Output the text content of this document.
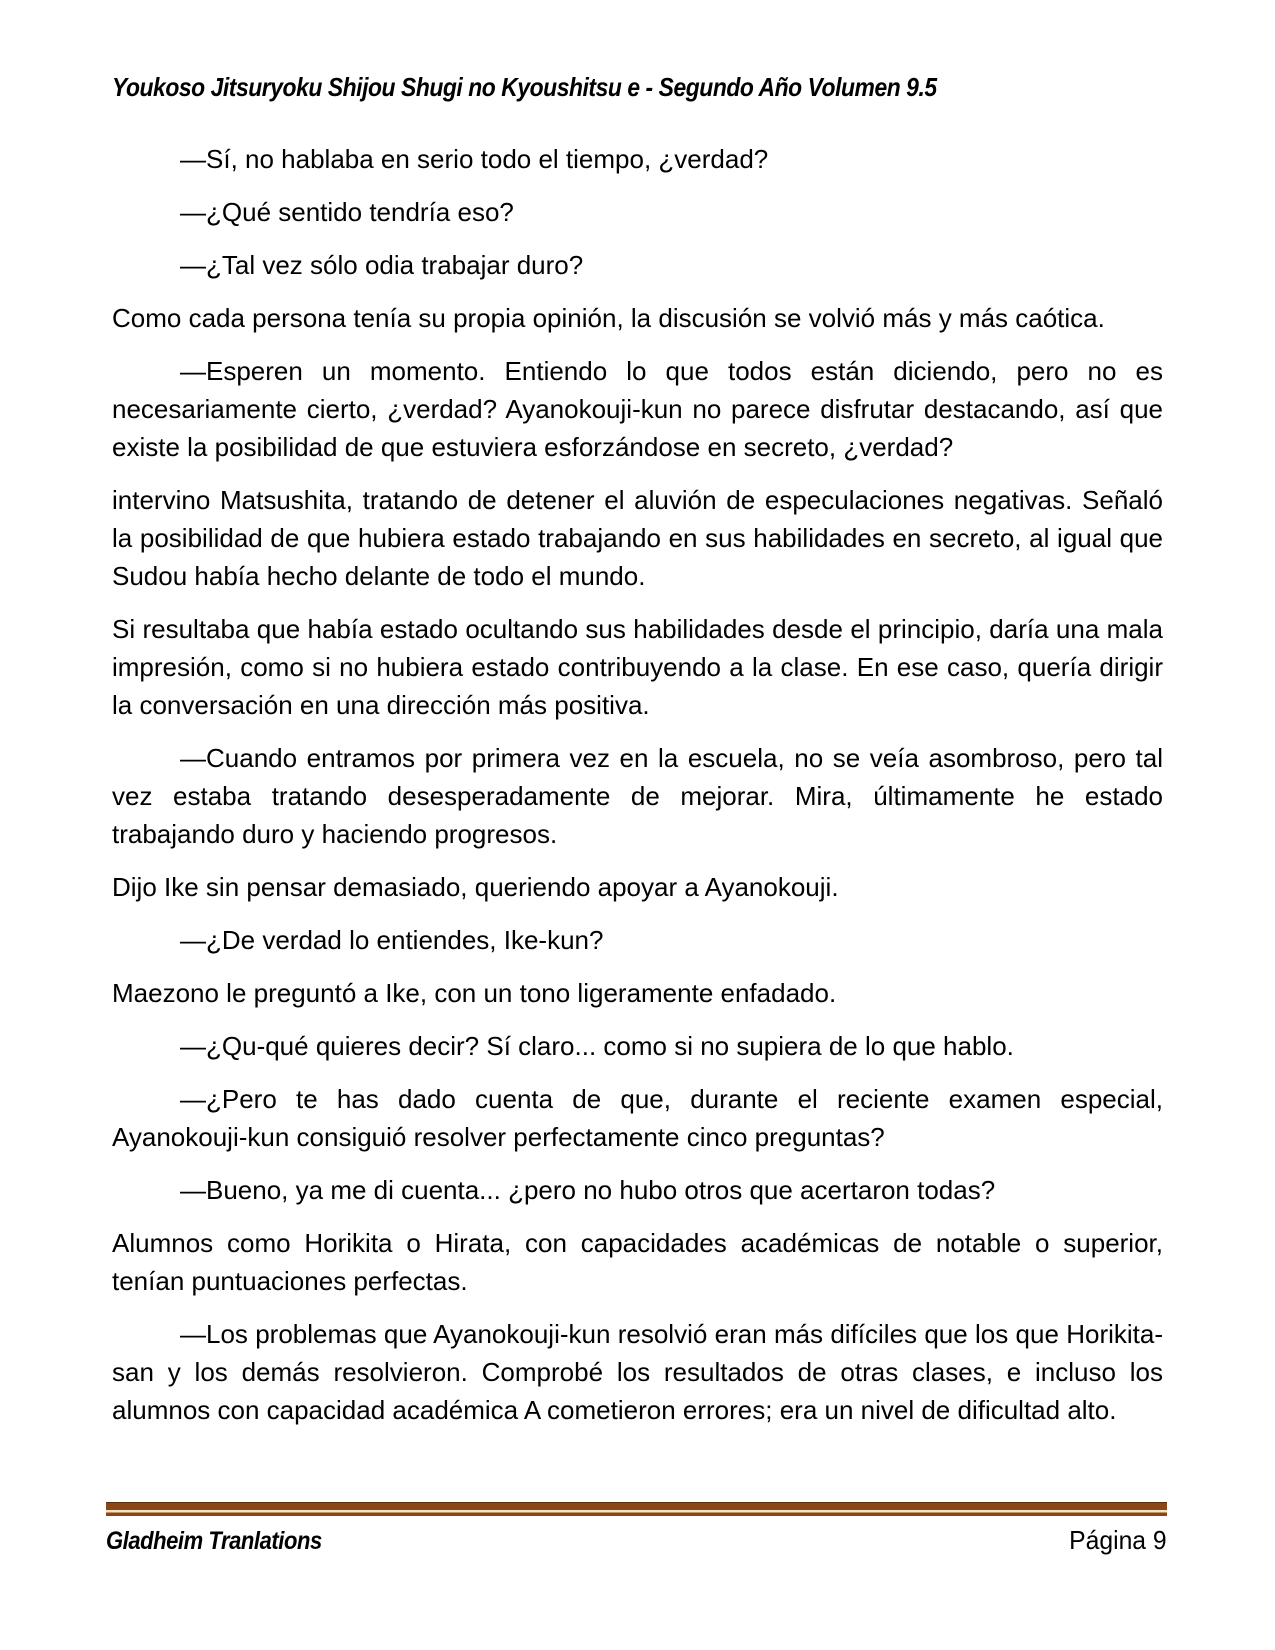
Youkoso Jitsuryoku Shijou Shugi no Kyoushitsu e - Segundo Año Volumen 9.5

—Sí, no hablaba en serio todo el tiempo, ¿verdad?

—¿Qué sentido tendría eso?

—¿Tal vez sólo odia trabajar duro?

Como cada persona tenía su propia opinión, la discusión se volvió más y más caótica.

—Esperen un momento. Entiendo lo que todos están diciendo, pero no es necesariamente cierto, ¿verdad? Ayanokouji-kun no parece disfrutar destacando, así que existe la posibilidad de que estuviera esforzándose en secreto, ¿verdad?

intervino Matsushita, tratando de detener el aluvión de especulaciones negativas. Señaló la posibilidad de que hubiera estado trabajando en sus habilidades en secreto, al igual que Sudou había hecho delante de todo el mundo.

Si resultaba que había estado ocultando sus habilidades desde el principio, daría una mala impresión, como si no hubiera estado contribuyendo a la clase. En ese caso, quería dirigir la conversación en una dirección más positiva.

—Cuando entramos por primera vez en la escuela, no se veía asombroso, pero tal vez estaba tratando desesperadamente de mejorar. Mira, últimamente he estado trabajando duro y haciendo progresos.

Dijo Ike sin pensar demasiado, queriendo apoyar a Ayanokouji.

—¿De verdad lo entiendes, Ike-kun?

Maezono le preguntó a Ike, con un tono ligeramente enfadado.

—¿Qu-qué quieres decir? Sí claro... como si no supiera de lo que hablo.

—¿Pero te has dado cuenta de que, durante el reciente examen especial, Ayanokouji-kun consiguió resolver perfectamente cinco preguntas?

—Bueno, ya me di cuenta... ¿pero no hubo otros que acertaron todas?

Alumnos como Horikita o Hirata, con capacidades académicas de notable o superior, tenían puntuaciones perfectas.

—Los problemas que Ayanokouji-kun resolvió eran más difíciles que los que Horikita-san y los demás resolvieron. Comprobé los resultados de otras clases, e incluso los alumnos con capacidad académica A cometieron errores; era un nivel de dificultad alto.

Gladheim Tranlations	Página 9
